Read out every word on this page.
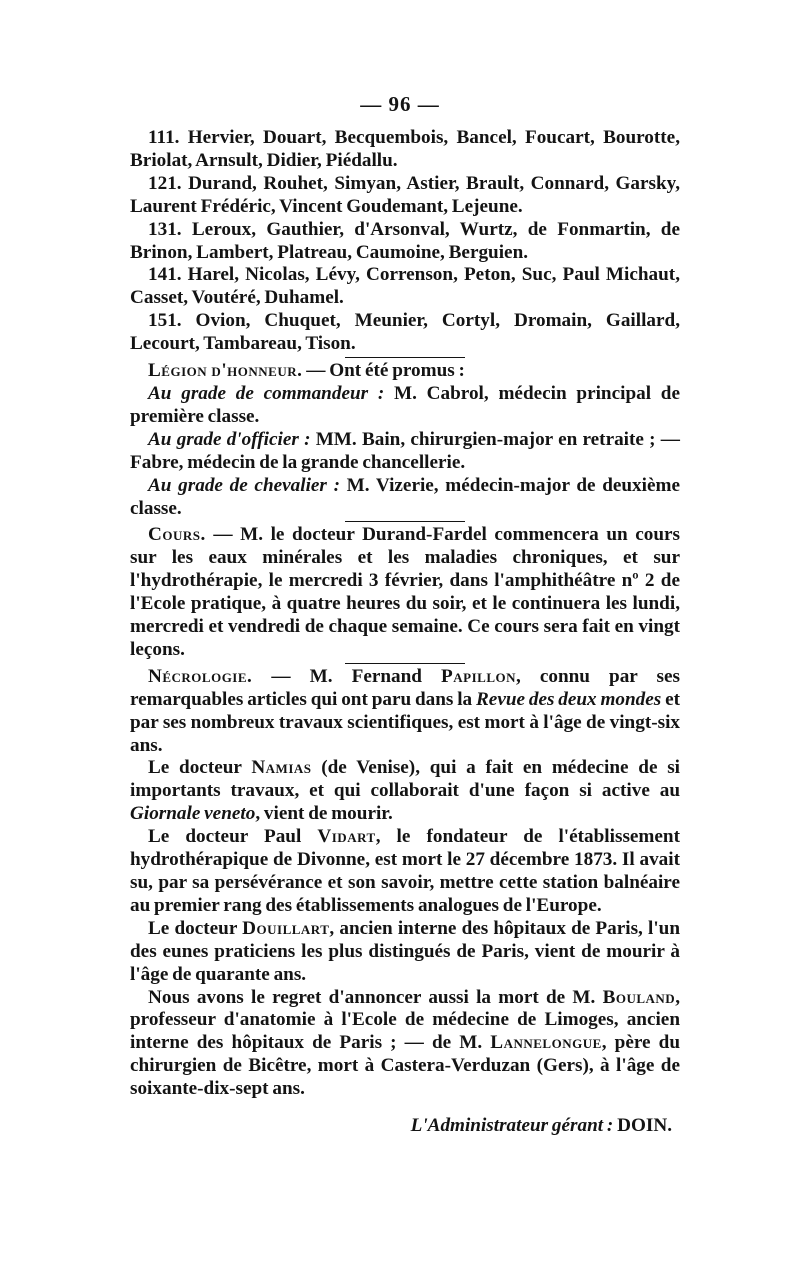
— 96 —

111. Hervier, Douart, Becquembois, Bancel, Foucart, Bourotte, Briolat, Arnsult, Didier, Piédallu.

121. Durand, Rouhet, Simyan, Astier, Brault, Connard, Garsky, Laurent Frédéric, Vincent Goudemant, Lejeune.

131. Leroux, Gauthier, d'Arsonval, Wurtz, de Fonmartin, de Brinon, Lambert, Platreau, Caumoine, Berguien.

141. Harel, Nicolas, Lévy, Correnson, Peton, Suc, Paul Michaut, Casset, Voutéré, Duhamel.

151. Ovion, Chuquet, Meunier, Cortyl, Dromain, Gaillard, Lecourt, Tambareau, Tison.

Légion d'honneur. — Ont été promus :

Au grade de commandeur : M. Cabrol, médecin principal de première classe.

Au grade d'officier : MM. Bain, chirurgien-major en retraite ; — Fabre, médecin de la grande chancellerie.

Au grade de chevalier : M. Vizerie, médecin-major de deuxième classe.

Cours. — M. le docteur Durand-Fardel commencera un cours sur les eaux minérales et les maladies chroniques, et sur l'hydrothérapie, le mercredi 3 février, dans l'amphithéâtre nº 2 de l'Ecole pratique, à quatre heures du soir, et le continuera les lundi, mercredi et vendredi de chaque semaine. Ce cours sera fait en vingt leçons.

Nécrologie. — M. Fernand Papillon, connu par ses remarquables articles qui ont paru dans la Revue des deux mondes et par ses nombreux travaux scientifiques, est mort à l'âge de vingt-six ans.

Le docteur Namias (de Venise), qui a fait en médecine de si importants travaux, et qui collaborait d'une façon si active au Giornale veneto, vient de mourir.

Le docteur Paul Vidart, le fondateur de l'établissement hydrothérapique de Divonne, est mort le 27 décembre 1873. Il avait su, par sa persévérance et son savoir, mettre cette station balnéaire au premier rang des établissements analogues de l'Europe.

Le docteur Douillart, ancien interne des hôpitaux de Paris, l'un des eunes praticiens les plus distingués de Paris, vient de mourir à l'âge de quarante ans.

Nous avons le regret d'annoncer aussi la mort de M. Bouland, professeur d'anatomie à l'Ecole de médecine de Limoges, ancien interne des hôpitaux de Paris ; — de M. Lannelongue, père du chirurgien de Bicêtre, mort à Castera-Verduzan (Gers), à l'âge de soixante-dix-sept ans.

L'Administrateur gérant : DOIN.
